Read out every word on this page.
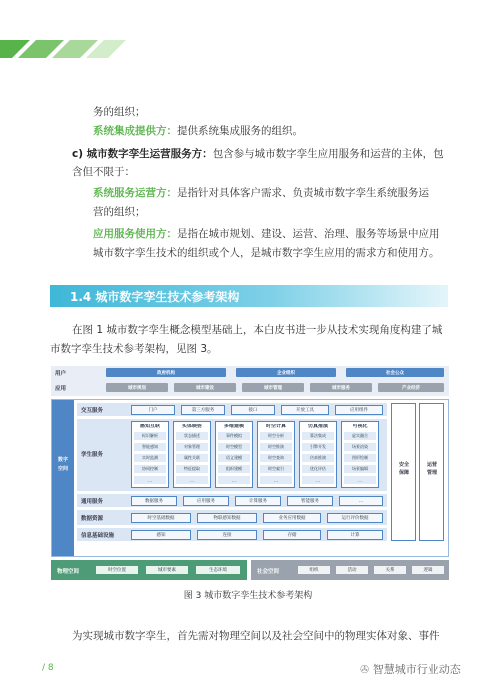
务的组织；
系统集成提供方：提供系统集成服务的组织。
c) 城市数字孪生运营服务方：包含参与城市数字孪生应用服务和运营的主体，包
含但不限于：
系统服务运营方：是指针对具体客户需求、负责城市数字孪生系统服务运
营的组织；
应用服务使用方：是指在城市规划、建设、运营、治理、服务等场景中应用
城市数字孪生技术的组织或个人，是城市数字孪生应用的需求方和使用方。
1.4 城市数字孪生技术参考架构
在图 1 城市数字孪生概念模型基础上，本白皮书进一步从技术实现角度构建了城
市数字孪生技术参考架构，见图 3。
用户	政府机构	企业组织	社会公众
应用	城市规划	城市建设	城市管理	城市服务	产业经济
数字空间
交互服务	门户	第三方服务	接口	开放工具	应用组件
孪生服务
感知互联
标识解析
智能感知
实时监测
协同控制
...
实体映射
状态描述
对象管理
属性关联
特征提取
...
多维建模
事件模拟
时空模型
语义建模
组织建模
...
时空计算
时空分析
时空推演
时空查询
时空索引
...
仿真推演
算法集成
引擎开发
仿真推演
优化评估
...
可视化
虚实融合
场景渲染
图形绘制
场景编辑
...
通用服务	数据服务	应用服务	计算服务	智能服务	...
数据资源	时空基础数据	物联感知数据	业务应用数据	运行评价数据
信息基础设施	感知	连接	存储	计算
安全保障
运营管理
物理空间	时空位置	城市要素	生态环境	社会空间	组织	活动	关系	逻辑
图 3 城市数字孪生技术参考架构
为实现城市数字孪生，首先需对物理空间以及社会空间中的物理实体对象、事件
/ 8	✇ 智慧城市行业动态
